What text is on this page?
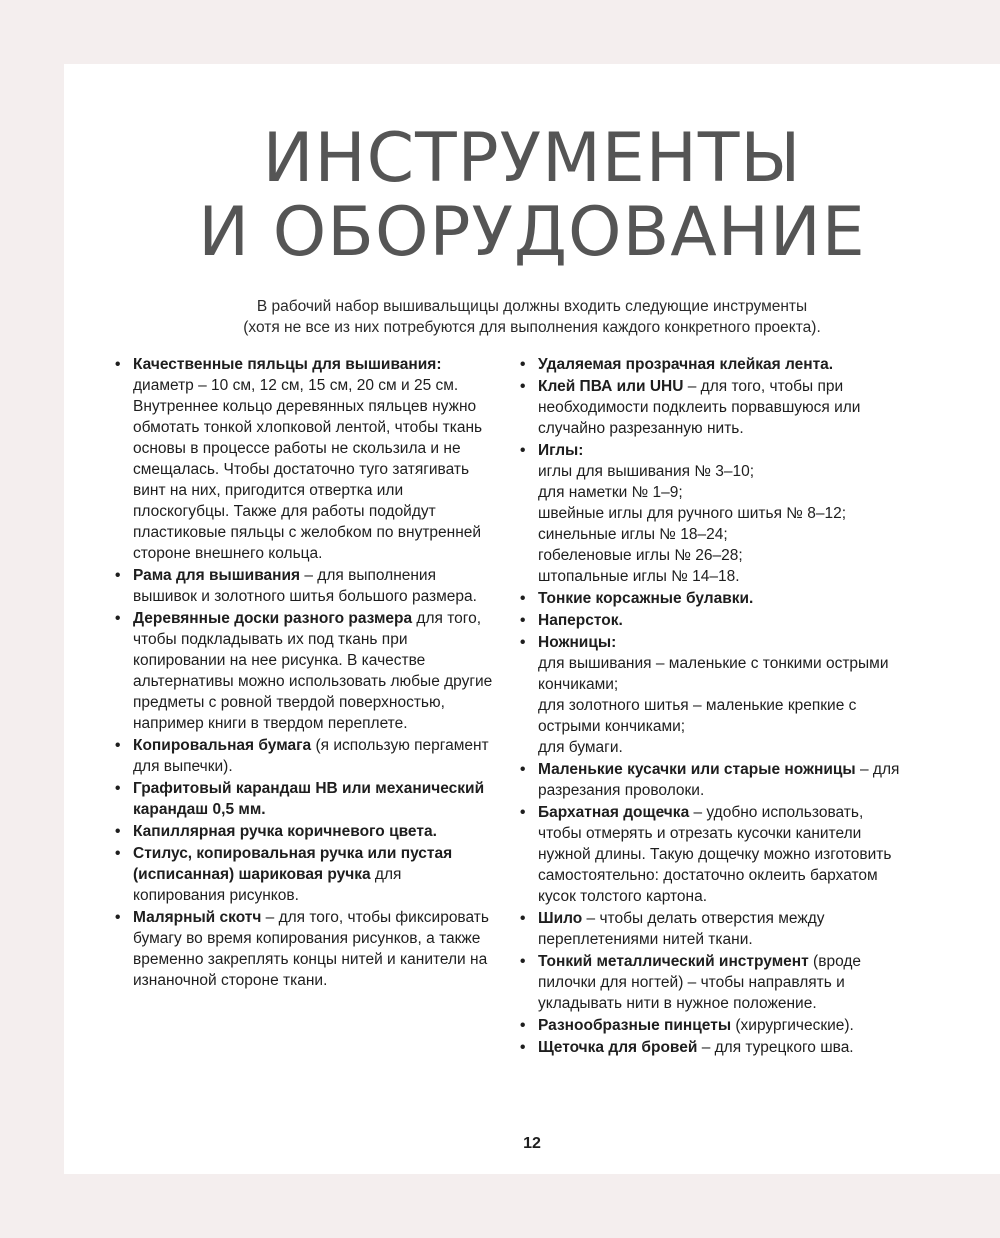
ИНСТРУМЕНТЫ
И ОБОРУДОВАНИЕ
В рабочий набор вышивальщицы должны входить следующие инструменты
(хотя не все из них потребуются для выполнения каждого конкретного проекта).
• Качественные пяльцы для вышивания: диаметр – 10 см, 12 см, 15 см, 20 см и 25 см. Внутреннее кольцо деревянных пяльцев нужно обмотать тонкой хлопковой лентой, чтобы ткань основы в процессе работы не скользила и не смещалась. Чтобы достаточно туго затягивать винт на них, пригодится отвертка или плоскогубцы. Также для работы подойдут пластиковые пяльцы с желобком по внутренней стороне внешнего кольца.
• Рама для вышивания – для выполнения вышивок и золотного шитья большого размера.
• Деревянные доски разного размера для того, чтобы подкладывать их под ткань при копировании на нее рисунка. В качестве альтернативы можно использовать любые другие предметы с ровной твердой поверхностью, например книги в твердом переплете.
• Копировальная бумага (я использую пергамент для выпечки).
• Графитовый карандаш НВ или механический карандаш 0,5 мм.
• Капиллярная ручка коричневого цвета.
• Стилус, копировальная ручка или пустая (исписанная) шариковая ручка для копирования рисунков.
• Малярный скотч – для того, чтобы фиксировать бумагу во время копирования рисунков, а также временно закреплять концы нитей и канители на изнаночной стороне ткани.
• Удаляемая прозрачная клейкая лента.
• Клей ПВА или UHU – для того, чтобы при необходимости подклеить порвавшуюся или случайно разрезанную нить.
• Иглы:
иглы для вышивания № 3–10;
для наметки № 1–9;
швейные иглы для ручного шитья № 8–12;
синельные иглы № 18–24;
гобеленовые иглы № 26–28;
штопальные иглы № 14–18.
• Тонкие корсажные булавки.
• Наперсток.
• Ножницы:
для вышивания – маленькие с тонкими острыми кончиками;
для золотного шитья – маленькие крепкие с острыми кончиками;
для бумаги.
• Маленькие кусачки или старые ножницы – для разрезания проволоки.
• Бархатная дощечка – удобно использовать, чтобы отмерять и отрезать кусочки канители нужной длины. Такую дощечку можно изготовить самостоятельно: достаточно оклеить бархатом кусок толстого картона.
• Шило – чтобы делать отверстия между переплетениями нитей ткани.
• Тонкий металлический инструмент (вроде пилочки для ногтей) – чтобы направлять и укладывать нити в нужное положение.
• Разнообразные пинцеты (хирургические).
• Щеточка для бровей – для турецкого шва.
12
